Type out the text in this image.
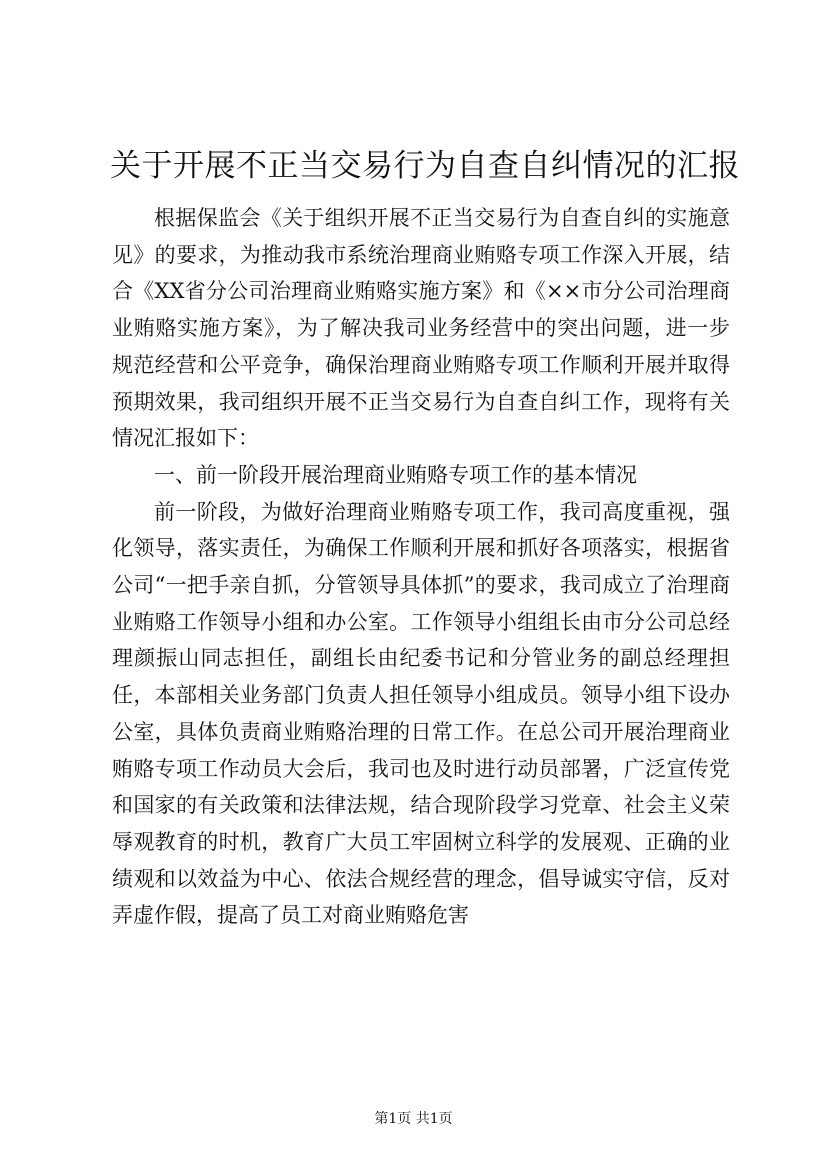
关于开展不正当交易行为自查自纠情况的汇报

根据保监会《关于组织开展不正当交易行为自查自纠的实施意见》的要求，为推动我市系统治理商业贿赂专项工作深入开展，结合《XX省分公司治理商业贿赂实施方案》和《××市分公司治理商业贿赂实施方案》，为了解决我司业务经营中的突出问题，进一步规范经营和公平竞争，确保治理商业贿赂专项工作顺利开展并取得预期效果，我司组织开展不正当交易行为自查自纠工作，现将有关情况汇报如下：

一、前一阶段开展治理商业贿赂专项工作的基本情况

前一阶段，为做好治理商业贿赂专项工作，我司高度重视，强化领导，落实责任，为确保工作顺利开展和抓好各项落实，根据省公司“一把手亲自抓，分管领导具体抓”的要求，我司成立了治理商业贿赂工作领导小组和办公室。工作领导小组组长由市分公司总经理颜振山同志担任，副组长由纪委书记和分管业务的副总经理担任，本部相关业务部门负责人担任领导小组成员。领导小组下设办公室，具体负责商业贿赂治理的日常工作。在总公司开展治理商业贿赂专项工作动员大会后，我司也及时进行动员部署，广泛宣传党和国家的有关政策和法律法规，结合现阶段学习党章、社会主义荣辱观教育的时机，教育广大员工牢固树立科学的发展观、正确的业绩观和以效益为中心、依法合规经营的理念，倡导诚实守信，反对弄虚作假，提高了员工对商业贿赂危害

第1页 共1页
